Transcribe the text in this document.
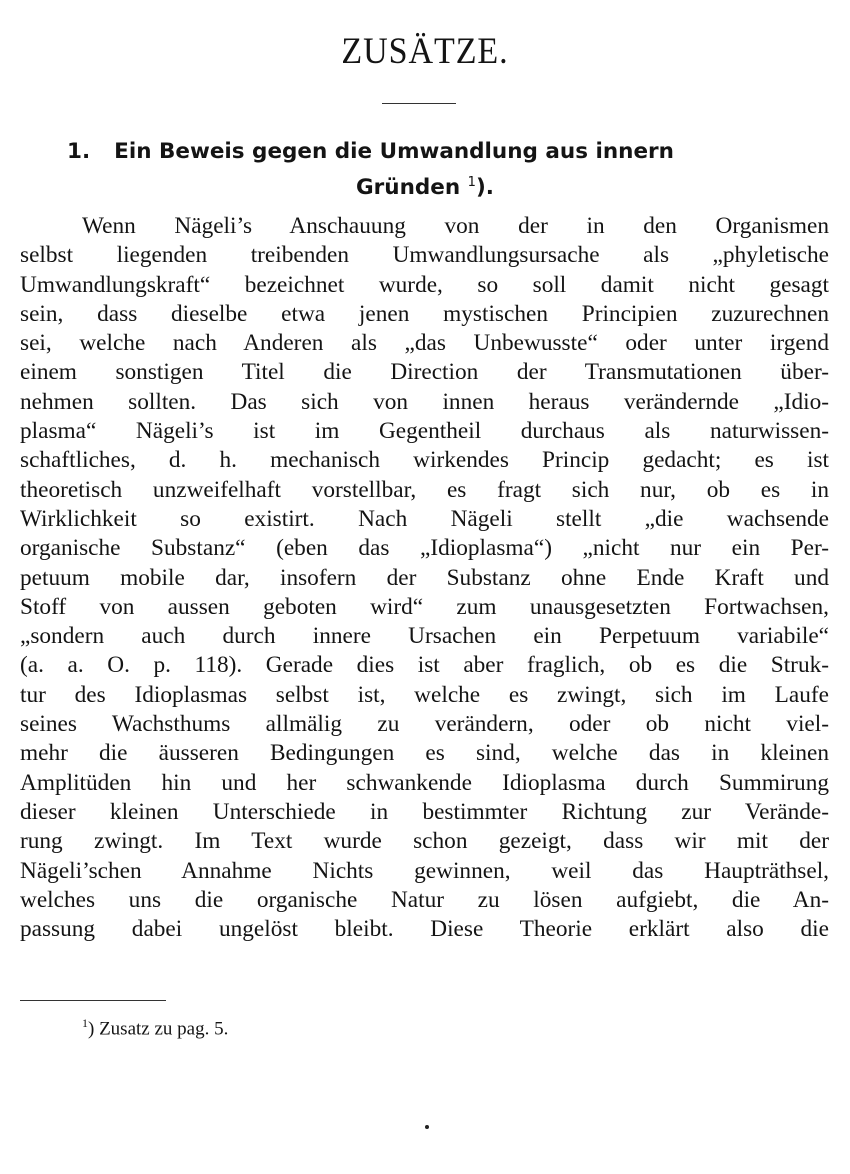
ZUSÄTZE.
1. Ein Beweis gegen die Umwandlung aus innern
Gründen $^1$).
Wenn Nägeli’s Anschauung von der in den Organismen
selbst liegenden treibenden Umwandlungsursache als „phyletische
Umwandlungskraft“ bezeichnet wurde, so soll damit nicht gesagt
sein, dass dieselbe etwa jenen mystischen Principien zuzurechnen
sei, welche nach Anderen als „das Unbewusste“ oder unter irgend
einem sonstigen Titel die Direction der Transmutationen über-
nehmen sollten. Das sich von innen heraus verändernde „Idio-
plasma“ Nägeli’s ist im Gegentheil durchaus als naturwissen-
schaftliches, d. h. mechanisch wirkendes Princip gedacht; es ist
theoretisch unzweifelhaft vorstellbar, es fragt sich nur, ob es in
Wirklichkeit so existirt. Nach Nägeli stellt „die wachsende
organische Substanz“ (eben das „Idioplasma“) „nicht nur ein Per-
petuum mobile dar, insofern der Substanz ohne Ende Kraft und
Stoff von aussen geboten wird“ zum unausgesetzten Fortwachsen,
„sondern auch durch innere Ursachen ein Perpetuum variabile“
(a. a. O. p. 118). Gerade dies ist aber fraglich, ob es die Struk-
tur des Idioplasmas selbst ist, welche es zwingt, sich im Laufe
seines Wachsthums allmälig zu verändern, oder ob nicht viel-
mehr die äusseren Bedingungen es sind, welche das in kleinen
Amplitüden hin und her schwankende Idioplasma durch Summirung
dieser kleinen Unterschiede in bestimmter Richtung zur Verände-
rung zwingt. Im Text wurde schon gezeigt, dass wir mit der
Nägeli’schen Annahme Nichts gewinnen, weil das Haupträthsel,
welches uns die organische Natur zu lösen aufgiebt, die An-
passung dabei ungelöst bleibt. Diese Theorie erklärt also die
$^1$) Zusatz zu pag. 5.
